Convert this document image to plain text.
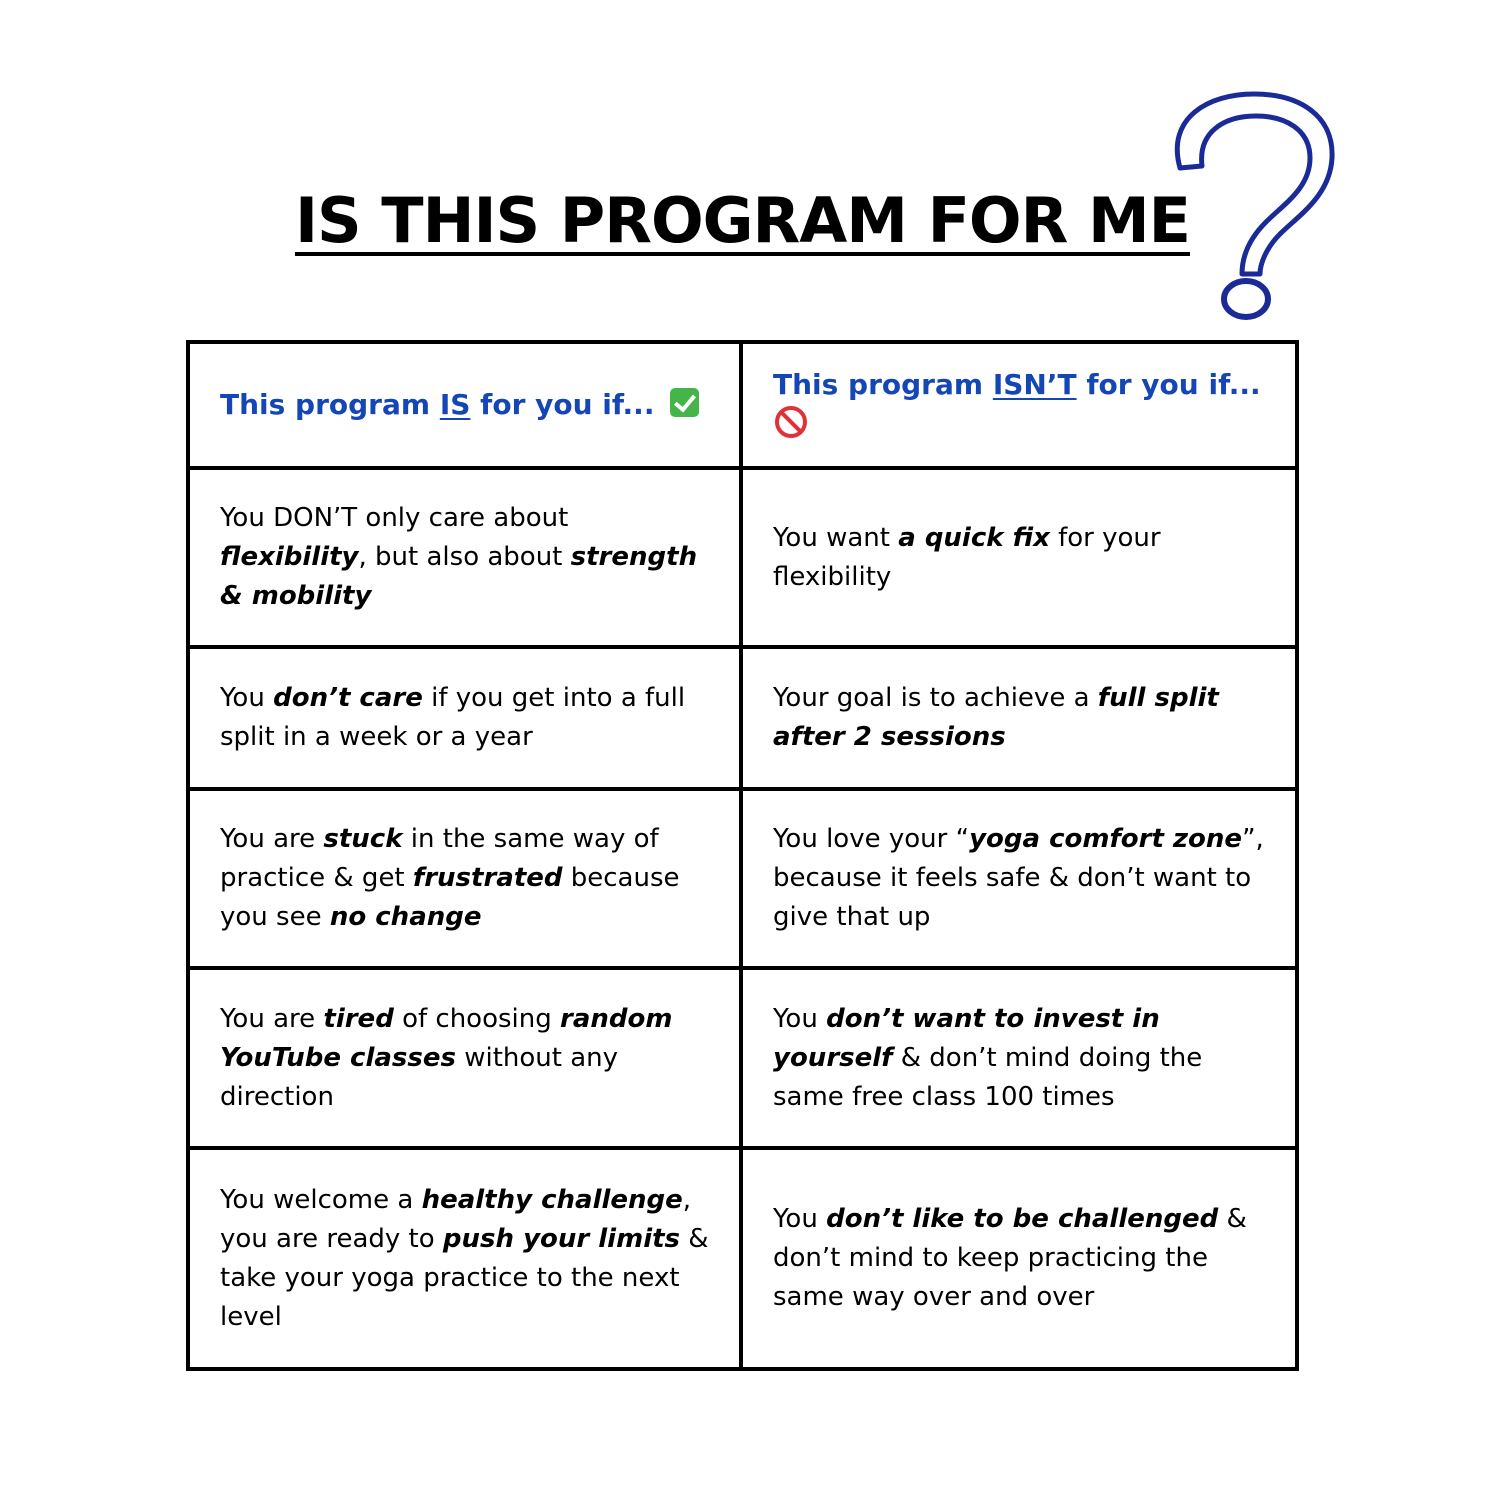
IS THIS PROGRAM FOR ME

This program IS for you if...

This program ISN’T for you if...

You DON’T only care about flexibility, but also about strength & mobility

You want a quick fix for your flexibility

You don’t care if you get into a full split in a week or a year

Your goal is to achieve a full split after 2 sessions

You are stuck in the same way of practice & get frustrated because you see no change

You love your “yoga comfort zone”, because it feels safe & don’t want to give that up

You are tired of choosing random YouTube classes without any direction

You don’t want to invest in yourself & don’t mind doing the same free class 100 times

You welcome a healthy challenge, you are ready to push your limits & take your yoga practice to the next level

You don’t like to be challenged & don’t mind to keep practicing the same way over and over
